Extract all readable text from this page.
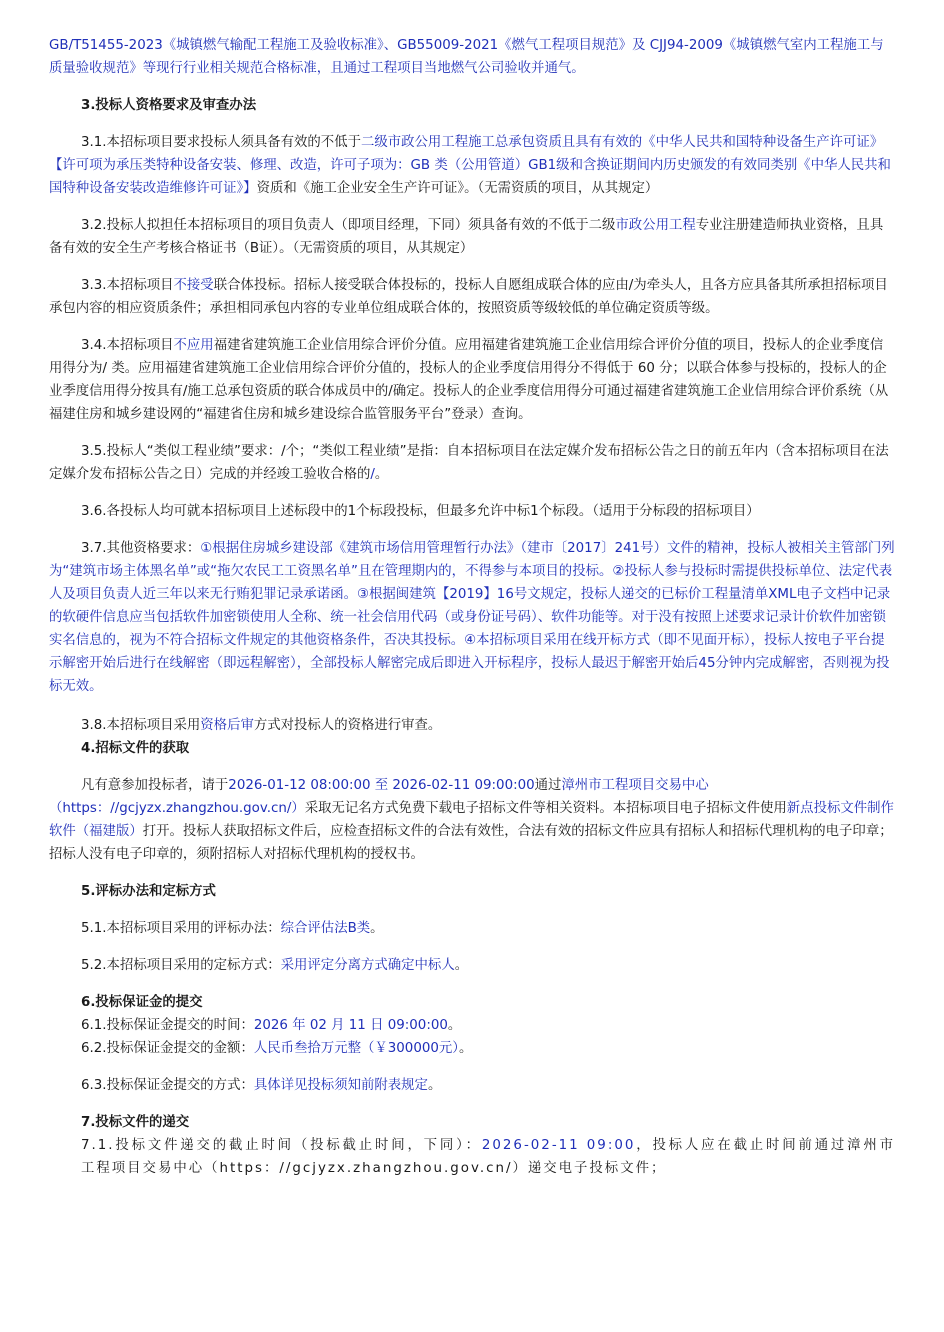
GB/T51455-2023《城镇燃气输配工程施工及验收标准》、GB55009-2021《燃气工程项目规范》及 CJJ94-2009《城镇燃气室内工程施工与质量验收规范》等现行行业相关规范合格标准，且通过工程项目当地燃气公司验收并通气。

3.投标人资格要求及审查办法

3.1.本招标项目要求投标人须具备有效的不低于二级市政公用工程施工总承包资质且具有有效的《中华人民共和国特种设备生产许可证》【许可项为承压类特种设备安装、修理、改造，许可子项为：GB 类（公用管道）GB1级和含换证期间内历史颁发的有效同类别《中华人民共和国特种设备安装改造维修许可证》】资质和《施工企业安全生产许可证》。（无需资质的项目，从其规定）

3.2.投标人拟担任本招标项目的项目负责人（即项目经理，下同）须具备有效的不低于二级市政公用工程专业注册建造师执业资格，且具备有效的安全生产考核合格证书（B证）。（无需资质的项目，从其规定）

3.3.本招标项目不接受联合体投标。招标人接受联合体投标的，投标人自愿组成联合体的应由/为牵头人，且各方应具备其所承担招标项目承包内容的相应资质条件；承担相同承包内容的专业单位组成联合体的，按照资质等级较低的单位确定资质等级。

3.4.本招标项目不应用福建省建筑施工企业信用综合评价分值。应用福建省建筑施工企业信用综合评价分值的项目，投标人的企业季度信用得分为/ 类。应用福建省建筑施工企业信用综合评价分值的，投标人的企业季度信用得分不得低于 60 分；以联合体参与投标的，投标人的企业季度信用得分按具有/施工总承包资质的联合体成员中的/确定。投标人的企业季度信用得分可通过福建省建筑施工企业信用综合评价系统（从福建住房和城乡建设网的“福建省住房和城乡建设综合监管服务平台”登录）查询。

3.5.投标人“类似工程业绩”要求：/个；“类似工程业绩”是指：自本招标项目在法定媒介发布招标公告之日的前五年内（含本招标项目在法定媒介发布招标公告之日）完成的并经竣工验收合格的/。

3.6.各投标人均可就本招标项目上述标段中的1个标段投标，但最多允许中标1个标段。（适用于分标段的招标项目）

3.7.其他资格要求：①根据住房城乡建设部《建筑市场信用管理暂行办法》（建市〔2017〕241号）文件的精神，投标人被相关主管部门列为“建筑市场主体黑名单”或“拖欠农民工工资黑名单”且在管理期内的，不得参与本项目的投标。②投标人参与投标时需提供投标单位、法定代表人及项目负责人近三年以来无行贿犯罪记录承诺函。③根据闽建筑【2019】16号文规定，投标人递交的已标价工程量清单XML电子文档中记录的软硬件信息应当包括软件加密锁使用人全称、统一社会信用代码（或身份证号码）、软件功能等。对于没有按照上述要求记录计价软件加密锁实名信息的，视为不符合招标文件规定的其他资格条件，否决其投标。④本招标项目采用在线开标方式（即不见面开标），投标人按电子平台提示解密开始后进行在线解密（即远程解密），全部投标人解密完成后即进入开标程序，投标人最迟于解密开始后45分钟内完成解密，否则视为投标无效。

3.8.本招标项目采用资格后审方式对投标人的资格进行审查。

4.招标文件的获取

凡有意参加投标者，请于2026-01-12 08:00:00 至 2026-02-11 09:00:00通过漳州市工程项目交易中心（https：//gcjyzx.zhangzhou.gov.cn/）采取无记名方式免费下载电子招标文件等相关资料。本招标项目电子招标文件使用新点投标文件制作软件（福建版）打开。投标人获取招标文件后，应检查招标文件的合法有效性，合法有效的招标文件应具有招标人和招标代理机构的电子印章；招标人没有电子印章的，须附招标人对招标代理机构的授权书。

5.评标办法和定标方式

5.1.本招标项目采用的评标办法：综合评估法B类。

5.2.本招标项目采用的定标方式：采用评定分离方式确定中标人。

6.投标保证金的提交

6.1.投标保证金提交的时间：2026 年 02 月 11 日 09:00:00。

6.2.投标保证金提交的金额：人民币叁拾万元整（￥300000元）。

6.3.投标保证金提交的方式：具体详见投标须知前附表规定。

7.投标文件的递交

7.1.投标文件递交的截止时间（投标截止时间，下同）：2026-02-11 09:00，投标人应在截止时间前通过漳州市

工程项目交易中心（https：//gcjyzx.zhangzhou.gov.cn/）递交电子投标文件；
